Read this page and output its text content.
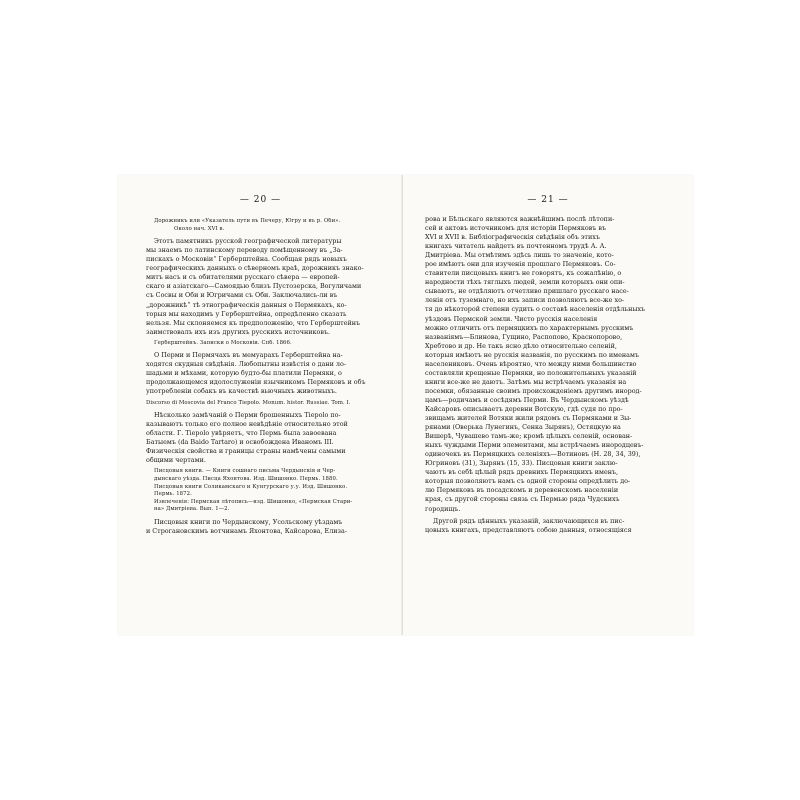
— 20 —
Дорожникъ или «Указатель пути въ Печеру, Югру и въ р. Оби».
Около нач. XVI в.
Этотъ памятникъ русской географической литературы
мы знаемъ по латинскому переводу помѣщенному въ „За-
пискахъ о Московіи“ Герберштейна. Сообщая рядъ новыхъ
географическихъ данныхъ о сѣверномъ краѣ, дорожникъ знако-
митъ насъ и съ обитателями русскаго сѣвера — европей-
скаго и азіатскаго—Самоядью близъ Пустозерска, Вогуличами
съ Сосвы и Оби и Югричами съ Оби. Заключались-ли въ
„дорожникѣ“ тѣ этнографическія данныя о Пермякахъ, ко-
торыя мы находимъ у Герберштейна, опредѣленно сказать
нельзя. Мы склоняемся къ предположенію, что Герберштейнъ
заимствовалъ ихъ изъ другихъ русскихъ источниковъ.
Герберштейнъ. Записки о Московіи. Спб. 1866.
О Перми и Пермячахъ въ мемуарахъ Герберштейна на-
ходятся скудныя свѣдѣнія. Любопытны извѣстія о дани ло-
шадьми и мѣхами, которую будто-бы платили Пермяки, о
продолжающемся идолослуженіи язычникомъ Пермяковъ и объ
употребленіи собакъ въ качествѣ вьючныхъ животныхъ.
Discorso di Moscovia del Franco Tiepolo. Monum. histor. Russiae. Tom. I.
Нѣсколько замѣчаній о Перми брошенныхъ Tiepolo по-
казываютъ только его полное невѣдѣніе относительно этой
области. Г. Tiepolo увѣряетъ, что Пермь была завоевана
Батыемъ (da Baido Tartaro) и освобождена Иваномъ III.
Физическія свойства и границы страны намѣчены самыми
общими чертами.
Писцовыя книги. — Книги сошнаго письма Чердынскія и Чер-
дынскаго уѣзда. Писца Яхонтова. Изд. Шишонко. Пермь. 1880.
Писцовыя книги Соликамскаго и Кунгурскаго у.у. Изд. Шишонко.
Пермь. 1872.
Извлеченія: Пермская лѣтопись—изд. Шишонко, «Пермская Стари-
на» Дмитріева. Вып. 1—2.
Писцовыя книги по Чердынскому, Усольскому уѣздамъ
и Строгановскимъ вотчинамъ Яхонтова, Кайсарова, Елиза-
— 21 —
рова и Бѣльскаго являются важнѣйшимъ послѣ лѣтопи-
сей и актовъ источникомъ для исторіи Пермяковъ въ
XVI и XVII в. Библіографическія свѣдѣнія объ этихъ
книгахъ читатель найдетъ въ почтенномъ трудѣ А. А.
Дмитріева. Мы отмѣтимъ здѣсь лишь то значеніе, кото-
рое имѣютъ они для изученія прошлаго Пермяковъ. Со-
ставители писцовыхъ книгъ не говорятъ, къ сожалѣнію, о
народности тѣхъ тяглыхъ людей, земли которыхъ они опи-
сываютъ, не отдѣляютъ отчетливо пришлаго русскаго насе-
ленія отъ туземнаго, но ихъ записи позволяютъ все-же хо-
тя до нѣкоторой степени судить о составѣ населенія отдѣльныхъ
уѣздовъ Пермской земли. Чисто русскія населенія
можно отличить отъ пермяцкихъ по характернымъ русскимъ
названіямъ—Блинова, Гущино, Распопово, Краснопорово,
Хребтово и др. Не такъ ясно дѣло относительно селеній,
которыя имѣютъ не русскія названія, по русскимъ по именамъ
населениковъ. Очень вѣроятно, что между ними большинство
составляли крещеные Пермяки, но положительныхъ указаній
книги все-же не даютъ. Затѣмъ мы встрѣчаемъ указанія на
посемки, обязанные своимъ происхожденіемъ другимъ инород-
цамъ—родичамъ и сосѣдямъ Перми. Въ Чердынскомъ уѣздѣ
Кайсаровъ описываетъ деревни Вотскую, гдѣ судя по про-
звищамъ жителей Вотяки жили рядомъ съ Пермяками и Зы-
рянами (Оверька Лунегинъ, Сенка Зырянъ), Остяцкую на
Вишерѣ, Чувашево тамъ-же; кромѣ цѣлыхъ селеній, основан-
ныхъ чуждыми Перми элементами, мы встрѣчаемъ инородцевъ-
одиночекъ въ Пермяцкихъ селеніяхъ—Вотиновъ (Н. 28, 34, 39),
Югриновъ (31), Зырянъ (15, 33). Писцовыя книги заклю-
чаютъ въ себѣ цѣлый рядъ древнихъ Пермяцкихъ именъ,
которыя позволяютъ намъ съ одной стороны опредѣлить до-
лю Пермяковъ въ посадскомъ и деревенскомъ населеніи
края, съ другой стороны связь съ Пермью ряда Чудскихъ
городищъ.
Другой рядъ цѣнныхъ указаній, заключающихся въ пис-
цовыхъ книгахъ, представляютъ собою данныя, относящіяся
